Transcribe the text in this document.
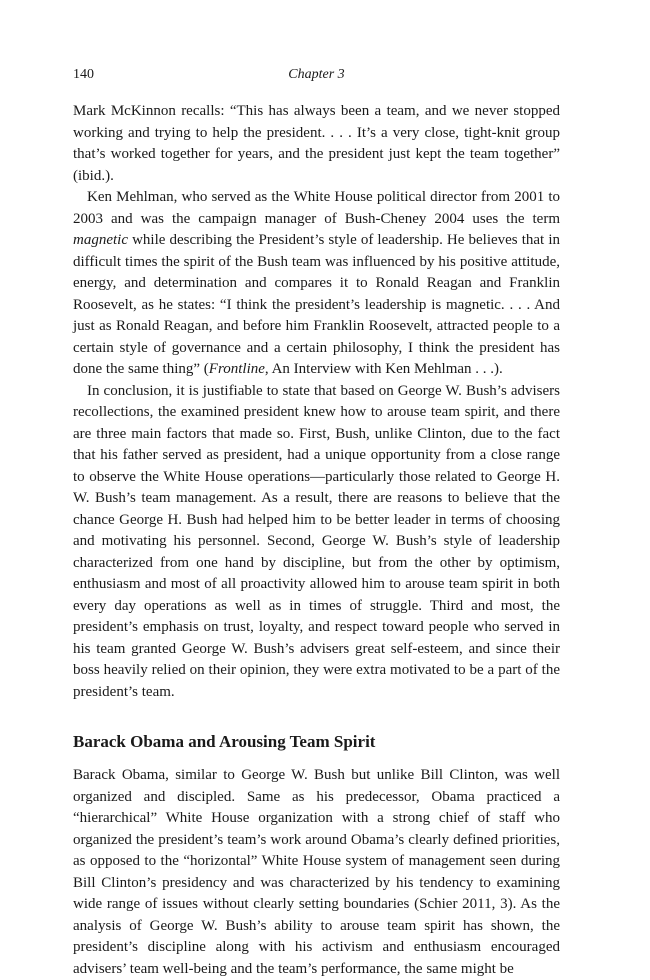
140	Chapter 3

Mark McKinnon recalls: “This has always been a team, and we never stopped working and trying to help the president. . . . It’s a very close, tight-knit group that’s worked together for years, and the president just kept the team together” (ibid.).

Ken Mehlman, who served as the White House political director from 2001 to 2003 and was the campaign manager of Bush-Cheney 2004 uses the term magnetic while describing the President’s style of leadership. He believes that in difficult times the spirit of the Bush team was influenced by his positive attitude, energy, and determination and compares it to Ronald Reagan and Franklin Roosevelt, as he states: “I think the president’s leadership is magnetic. . . . And just as Ronald Reagan, and before him Franklin Roosevelt, attracted people to a certain style of governance and a certain philosophy, I think the president has done the same thing” (Frontline, An Interview with Ken Mehlman . . .).

In conclusion, it is justifiable to state that based on George W. Bush’s advisers recollections, the examined president knew how to arouse team spirit, and there are three main factors that made so. First, Bush, unlike Clinton, due to the fact that his father served as president, had a unique opportunity from a close range to observe the White House operations—particularly those related to George H. W. Bush’s team management. As a result, there are reasons to believe that the chance George H. Bush had helped him to be better leader in terms of choosing and motivating his personnel. Second, George W. Bush’s style of leadership characterized from one hand by discipline, but from the other by optimism, enthusiasm and most of all proactivity allowed him to arouse team spirit in both every day operations as well as in times of struggle. Third and most, the president’s emphasis on trust, loyalty, and respect toward people who served in his team granted George W. Bush’s advisers great self-esteem, and since their boss heavily relied on their opinion, they were extra motivated to be a part of the president’s team.

Barack Obama and Arousing Team Spirit

Barack Obama, similar to George W. Bush but unlike Bill Clinton, was well organized and discipled. Same as his predecessor, Obama practiced a “hierarchical” White House organization with a strong chief of staff who organized the president’s team’s work around Obama’s clearly defined priorities, as opposed to the “horizontal” White House system of management seen during Bill Clinton’s presidency and was characterized by his tendency to examining wide range of issues without clearly setting boundaries (Schier 2011, 3). As the analysis of George W. Bush’s ability to arouse team spirit has shown, the president’s discipline along with his activism and enthusiasm encouraged advisers’ team well-being and the team’s performance, the same might be
